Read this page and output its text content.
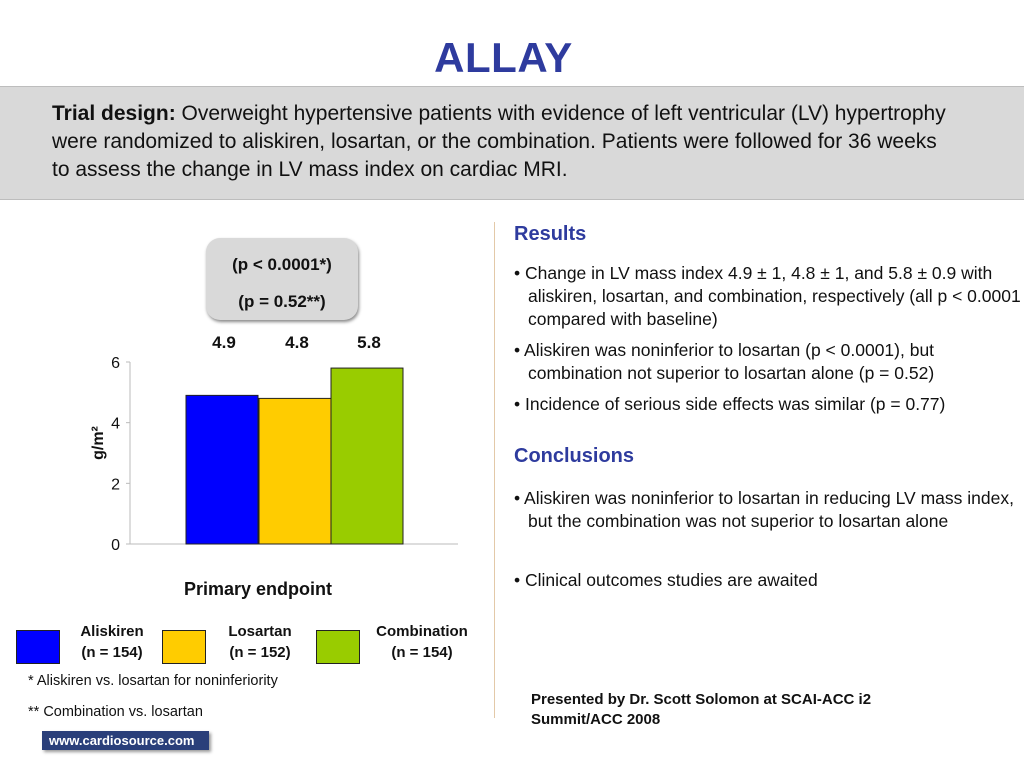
ALLAY
Trial design: Overweight hypertensive patients with evidence of left ventricular (LV) hypertrophy were randomized to aliskiren, losartan, or the combination. Patients were followed for 36 weeks to assess the change in LV mass index on cardiac MRI.
(p < 0.0001*)
(p = 0.52**)
0
2
4
6
4.9	4.8	5.8
g/m²
Primary endpoint
Aliskiren
(n = 154)
Losartan
(n = 152)
Combination
(n = 154)
* Aliskiren vs. losartan for noninferiority
** Combination vs. losartan
www.cardiosource.com
Results
• Change in LV mass index 4.9 ± 1, 4.8 ± 1, and 5.8 ± 0.9 with aliskiren, losartan, and combination, respectively (all p < 0.0001 compared with baseline)
• Aliskiren was noninferior to losartan (p < 0.0001), but combination not superior to losartan alone (p = 0.52)
• Incidence of serious side effects was similar (p = 0.77)
Conclusions
• Aliskiren was noninferior to losartan in reducing LV mass index, but the combination was not superior to losartan alone
• Clinical outcomes studies are awaited
Presented by Dr. Scott Solomon at SCAI-ACC i2 Summit/ACC 2008
